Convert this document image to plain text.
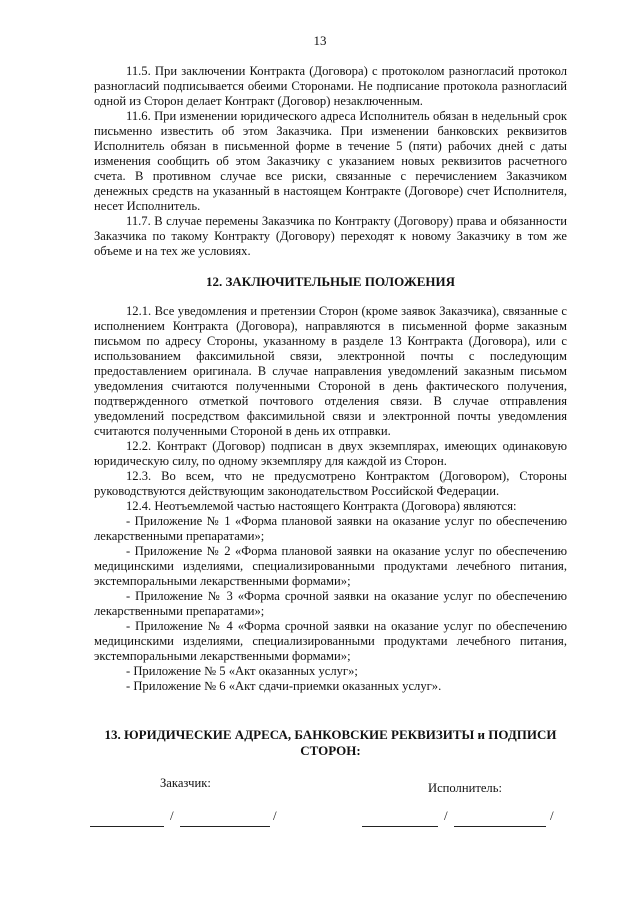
13

11.5. При заключении Контракта (Договора) с протоколом разногласий протокол разногласий подписывается обеими Сторонами. Не подписание протокола разногласий одной из Сторон делает Контракт (Договор) незаключенным.

11.6. При изменении юридического адреса Исполнитель обязан в недельный срок письменно известить об этом Заказчика. При изменении банковских реквизитов Исполнитель обязан в письменной форме в течение 5 (пяти) рабочих дней с даты изменения сообщить об этом Заказчику с указанием новых реквизитов расчетного счета. В противном случае все риски, связанные с перечислением Заказчиком денежных средств на указанный в настоящем Контракте (Договоре) счет Исполнителя, несет Исполнитель.

11.7. В случае перемены Заказчика по Контракту (Договору) права и обязанности Заказчика по такому Контракту (Договору) переходят к новому Заказчику в том же объеме и на тех же условиях.

12. ЗАКЛЮЧИТЕЛЬНЫЕ ПОЛОЖЕНИЯ

12.1. Все уведомления и претензии Сторон (кроме заявок Заказчика), связанные с исполнением Контракта (Договора), направляются в письменной форме заказным письмом по адресу Стороны, указанному в разделе 13 Контракта (Договора), или с использованием факсимильной связи, электронной почты с последующим предоставлением оригинала. В случае направления уведомлений заказным письмом уведомления считаются полученными Стороной в день фактического получения, подтвержденного отметкой почтового отделения связи. В случае отправления уведомлений посредством факсимильной связи и электронной почты уведомления считаются полученными Стороной в день их отправки.

12.2. Контракт (Договор) подписан в двух экземплярах, имеющих одинаковую юридическую силу, по одному экземпляру для каждой из Сторон.

12.3. Во всем, что не предусмотрено Контрактом (Договором), Стороны руководствуются действующим законодательством Российской Федерации.

12.4. Неотъемлемой частью настоящего Контракта (Договора) являются:

- Приложение № 1 «Форма плановой заявки на оказание услуг по обеспечению лекарственными препаратами»;

- Приложение № 2 «Форма плановой заявки на оказание услуг по обеспечению медицинскими изделиями, специализированными продуктами лечебного питания, экстемпоральными лекарственными формами»;

- Приложение № 3 «Форма срочной заявки на оказание услуг по обеспечению лекарственными препаратами»;

- Приложение № 4 «Форма срочной заявки на оказание услуг по обеспечению медицинскими изделиями, специализированными продуктами лечебного питания, экстемпоральными лекарственными формами»;

- Приложение № 5 «Акт оказанных услуг»;

- Приложение № 6 «Акт сдачи-приемки оказанных услуг».

13. ЮРИДИЧЕСКИЕ АДРЕСА, БАНКОВСКИЕ РЕКВИЗИТЫ и ПОДПИСИ
СТОРОН:
Заказчик:	Исполнитель:
/	/	/	/
